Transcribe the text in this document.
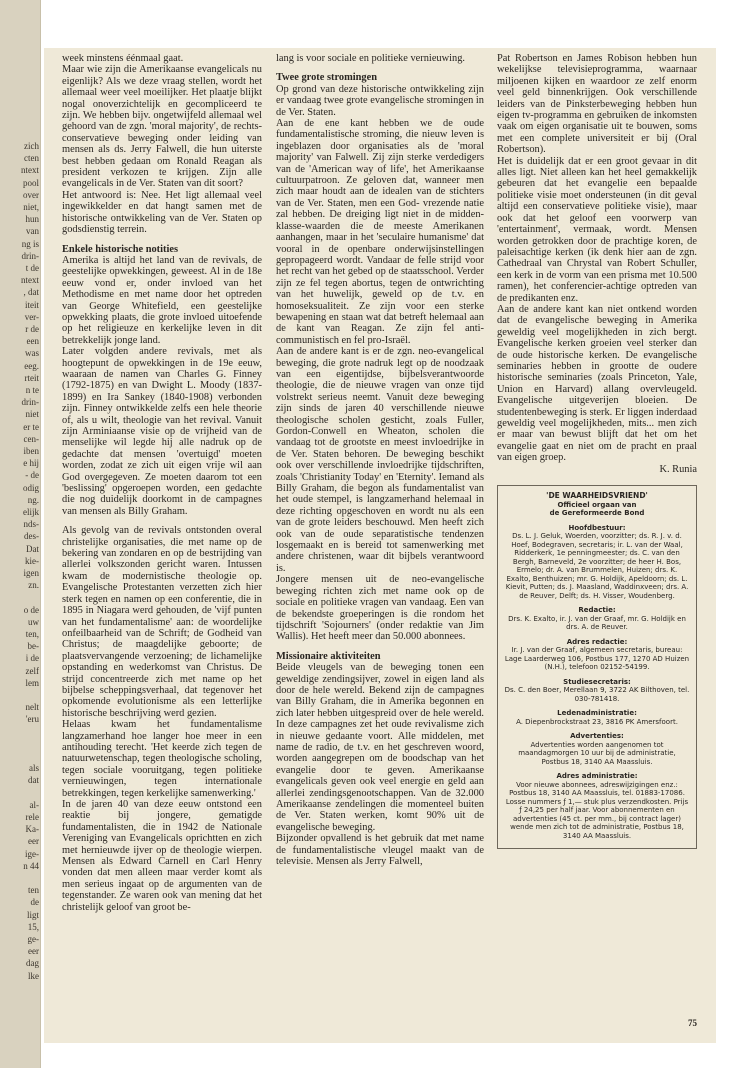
zich
cten
ntext
pool
over
niet,
hun
van
ng is
drin-
t de
ntext
, dat
iteit
ver-
r de
een
was
eeg.
rteit
n te
drin-
niet
er te
cen-
iben
e hij
- de
odig
ng.
elijk
nds-
des-
Dat
kie-
igen
zn.
o de
uw
ten,
be-
i de
zelf
lem
nelt
'eru
als
dat
al-
rele
Ka-
eer
ige-
n 44
ten
de
ligt
15,
ge-
eer
dag
lke

week minstens éénmaal gaat.

Maar wie zijn die Amerikaanse evangelicals nu eigenlijk? Als we deze vraag stellen, wordt het allemaal weer veel moeilijker. Het plaatje blijkt nogal onoverzichtelijk en gecompliceerd te zijn. We hebben bijv. ongetwijfeld allemaal wel gehoord van de zgn. 'moral majority', de rechts-conservatieve beweging onder leiding van mensen als ds. Jerry Falwell, die hun uiterste best hebben gedaan om Ronald Reagan als president verkozen te krijgen. Zijn alle evangelicals in de Ver. Staten van dit soort?

Het antwoord is: Nee. Het ligt allemaal veel ingewikkelder en dat hangt samen met de historische ontwikkeling van de Ver. Staten op godsdienstig terrein.

Enkele historische notities

Amerika is altijd het land van de revivals, de geestelijke opwekkingen, geweest. Al in de 18e eeuw vond er, onder invloed van het Methodisme en met name door het optreden van George Whitefield, een geestelijke opwekking plaats, die grote invloed uitoefende op het religieuze en kerkelijke leven in dit betrekkelijk jonge land.

Later volgden andere revivals, met als hoogtepunt de opwekkingen in de 19e eeuw, waaraan de namen van Charles G. Finney (1792-1875) en van Dwight L. Moody (1837-1899) en Ira Sankey (1840-1908) verbonden zijn. Finney ontwikkelde zelfs een hele theorie of, als u wilt, theologie van het revival. Vanuit zijn Arminiaanse visie op de vrijheid van de menselijke wil legde hij alle nadruk op de gedachte dat mensen 'overtuigd' moeten worden, zodat ze zich uit eigen vrije wil aan God overgegeven. Ze moeten daarom tot een 'beslissing' opgeroepen worden, een gedachte die nog duidelijk doorkomt in de campagnes van mensen als Billy Graham.

Als gevolg van de revivals ontstonden overal christelijke organisaties, die met name op de bekering van zondaren en op de bestrijding van allerlei volkszonden gericht waren. Intussen kwam de modernistische theologie op. Evangelische Protestanten verzetten zich hier sterk tegen en namen op een conferentie, die in 1895 in Niagara werd gehouden, de 'vijf punten van het fundamentalisme' aan: de woordelijke onfeilbaarheid van de Schrift; de Godheid van Christus; de maagdelijke geboorte; de plaatsvervangende verzoening; de lichamelijke opstanding en wederkomst van Christus. De strijd concentreerde zich met name op het bijbelse scheppingsverhaal, dat tegenover het opkomende evolutionisme als een letterlijke historische beschrijving werd gezien.

Helaas kwam het fundamentalisme langzamerhand hoe langer hoe meer in een antihouding terecht. 'Het keerde zich tegen de natuurwetenschap, tegen theologische scholing, tegen sociale vooruitgang, tegen politieke vernieuwingen, tegen internationale betrekkingen, tegen kerkelijke samenwerking.'

In de jaren 40 van deze eeuw ontstond een reaktie bij jongere, gematigde fundamentalisten, die in 1942 de Nationale Vereniging van Evangelicals oprichtten en zich met hernieuwde ijver op de theologie wierpen. Mensen als Edward Carnell en Carl Henry vonden dat men alleen maar verder komt als men serieus ingaat op de argumenten van de tegenstander. Ze waren ook van mening dat het christelijk geloof van groot be-

lang is voor sociale en politieke vernieuwing.

Twee grote stromingen

Op grond van deze historische ontwikkeling zijn er vandaag twee grote evangelische stromingen in de Ver. Staten.

Aan de ene kant hebben we de oude fundamentalistische stroming, die nieuw leven is ingeblazen door organisaties als de 'moral majority' van Falwell. Zij zijn sterke verdedigers van de 'American way of life', het Amerikaanse cultuurpatroon. Ze geloven dat, wanneer men zich maar houdt aan de idealen van de stichters van de Ver. Staten, men een God- vrezende natie zal hebben. De dreiging ligt niet in de midden-klasse-waarden die de meeste Amerikanen aanhangen, maar in het 'seculaire humanisme' dat vooral in de openbare onderwijsinstellingen gepropageerd wordt. Vandaar de felle strijd voor het recht van het gebed op de staatsschool. Verder zijn ze fel tegen abortus, tegen de ontwrichting van het huwelijk, geweld op de t.v. en homoseksualiteit. Ze zijn voor een sterke bewapening en staan wat dat betreft helemaal aan de kant van Reagan. Ze zijn fel anti-communistisch en fel pro-Israël.

Aan de andere kant is er de zgn. neo-evangelical beweging, die grote nadruk legt op de noodzaak van een eigentijdse, bijbelsverantwoorde theologie, die de nieuwe vragen van onze tijd volstrekt serieus neemt. Vanuit deze beweging zijn sinds de jaren 40 verschillende nieuwe theologische scholen gesticht, zoals Fuller, Gordon-Conwell en Wheaton, scholen die vandaag tot de grootste en meest invloedrijke in de Ver. Staten behoren. De beweging beschikt ook over verschillende invloedrijke tijdschriften, zoals 'Christianity Today' en 'Eternity'. Iemand als Billy Graham, die begon als fundamentalist van het oude stempel, is langzamerhand helemaal in deze richting opgeschoven en wordt nu als een van de grote leiders beschouwd. Men heeft zich ook van de oude separatistische tendenzen losgemaakt en is bereid tot samenwerking met andere christenen, waar dit bijbels verantwoord is.

Jongere mensen uit de neo-evangelische beweging richten zich met name ook op de sociale en politieke vragen van vandaag. Een van de bekendste groeperingen is die rondom het tijdschrift 'Sojourners' (onder redaktie van Jim Wallis). Het heeft meer dan 50.000 abonnees.

Missionaire aktiviteiten

Beide vleugels van de beweging tonen een geweldige zendingsijver, zowel in eigen land als door de hele wereld. Bekend zijn de campagnes van Billy Graham, die in Amerika begonnen en zich later hebben uitgespreid over de hele wereld. In deze campagnes zet het oude revivalisme zich in nieuwe gedaante voort. Alle middelen, met name de radio, de t.v. en het geschreven woord, worden aangegrepen om de boodschap van het evangelie door te geven. Amerikaanse evangelicals geven ook veel energie en geld aan allerlei zendingsgenootschappen. Van de 32.000 Amerikaanse zendelingen die momenteel buiten de Ver. Staten werken, komt 90% uit de evangelische beweging.

Bijzonder opvallend is het gebruik dat met name de fundamentalistische vleugel maakt van de televisie. Mensen als Jerry Falwell,

Pat Robertson en James Robison hebben hun wekelijkse televisieprogramma, waarnaar miljoenen kijken en waardoor ze zelf enorm veel geld binnenkrijgen. Ook verschillende leiders van de Pinksterbeweging hebben hun eigen tv-programma en gebruiken de inkomsten vaak om eigen organisatie uit te bouwen, soms met een complete universiteit er bij (Oral Robertson).

Het is duidelijk dat er een groot gevaar in dit alles ligt. Niet alleen kan het heel gemakkelijk gebeuren dat het evangelie een bepaalde politieke visie moet ondersteunen (in dit geval altijd een conservatieve politieke visie), maar ook dat het geloof een voorwerp van 'entertainment', vermaak, wordt. Mensen worden getrokken door de prachtige koren, de paleisachtige kerken (ik denk hier aan de zgn. Cathedraal van Chrystal van Robert Schuller, een kerk in de vorm van een prisma met 10.500 ramen), het conferencier-achtige optreden van de predikanten enz.

Aan de andere kant kan niet ontkend worden dat de evangelische beweging in Amerika geweldig veel mogelijkheden in zich bergt. Evangelische kerken groeien veel sterker dan de oude historische kerken. De evangelische seminaries hebben in grootte de oudere historische seminaries (zoals Princeton, Yale, Union en Harvard) allang overvleugeld. Evangelische uitgeverijen bloeien. De studentenbeweging is sterk. Er liggen inderdaad geweldig veel mogelijkheden, mits... men zich er maar van bewust blijft dat het om het evangelie gaat en niet om de pracht en praal van eigen groep.

K. Runia

'DE WAARHEIDSVRIEND'

Officieel orgaan van

de Gereformeerde Bond

Hoofdbestuur:

Ds. L. J. Geluk, Woerden, voorzitter; ds. R. J. v. d. Hoef, Bodegraven, secretaris; ir. L. van der Waal, Ridderkerk, 1e penningmeester; ds. C. van den Bergh, Barneveld, 2e voorzitter; de heer H. Bos, Ermelo; dr. A. van Brummelen, Huizen; drs. K. Exalto, Benthuizen; mr. G. Holdijk, Apeldoorn; ds. L. Kievit, Putten; ds. J. Maasland, Waddinxveen; drs. A. de Reuver, Delft; ds. H. Visser, Woudenberg.

Redactie:

Drs. K. Exalto, ir. J. van der Graaf, mr. G. Holdijk en drs. A. de Reuver.

Adres redactie:

Ir. J. van der Graaf, algemeen secretaris, bureau: Lage Laarderweg 106, Postbus 177, 1270 AD Huizen (N.H.), telefoon 02152-54199.

Studiesecretaris:

Ds. C. den Boer, Merellaan 9, 3722 AK Bilthoven, tel. 030-781418.

Ledenadministratie:

A. Diepenbrockstraat 23, 3816 PK Amersfoort.

Advertenties:

Advertenties worden aangenomen tot maandagmorgen 10 uur bij de administratie, Postbus 18, 3140 AA Maassluis.

Adres administratie:

Voor nieuwe abonnees, adreswijzigingen enz.: Postbus 18, 3140 AA Maassluis, tel. 01883-17086. Losse nummers ƒ 1,— stuk plus verzendkosten. Prijs ƒ 24,25 per half jaar. Voor abonnementen en advertenties (45 ct. per mm., bij contract lager) wende men zich tot de administratie, Postbus 18, 3140 AA Maassluis.

75
